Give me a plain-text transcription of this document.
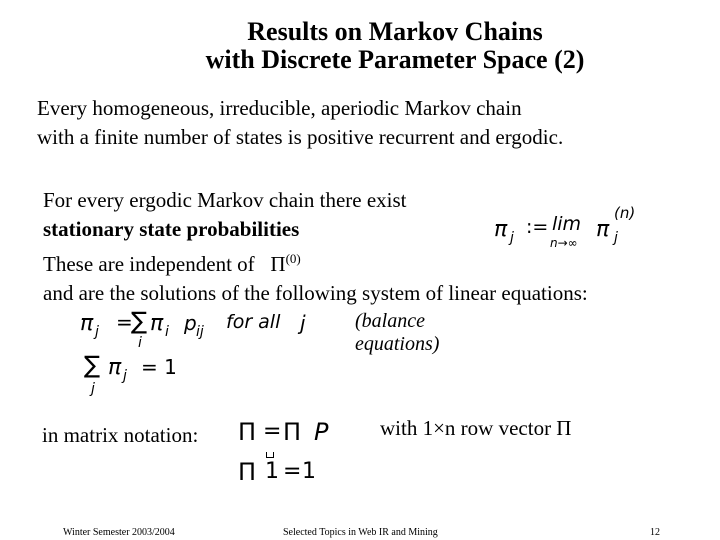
Results on Markov Chains
with Discrete Parameter Space (2)
Every homogeneous, irreducible, aperiodic Markov chain
with a finite number of states is positive recurrent and ergodic.
For every ergodic Markov chain there exist
stationary state probabilities
These are independent of $\Pi^{(0)}$
and are the solutions of the following system of linear equations:
π j := lim
n→∞
π
(n)
j
π j =
∑
i
π i p ij for all j
∑
j
π j = 1
(balance
equations)
in matrix notation: Π = Π P
Π 1 = 1
with 1×n row vector Π
Winter Semester 2003/2004	Selected Topics in Web IR and Mining	12
